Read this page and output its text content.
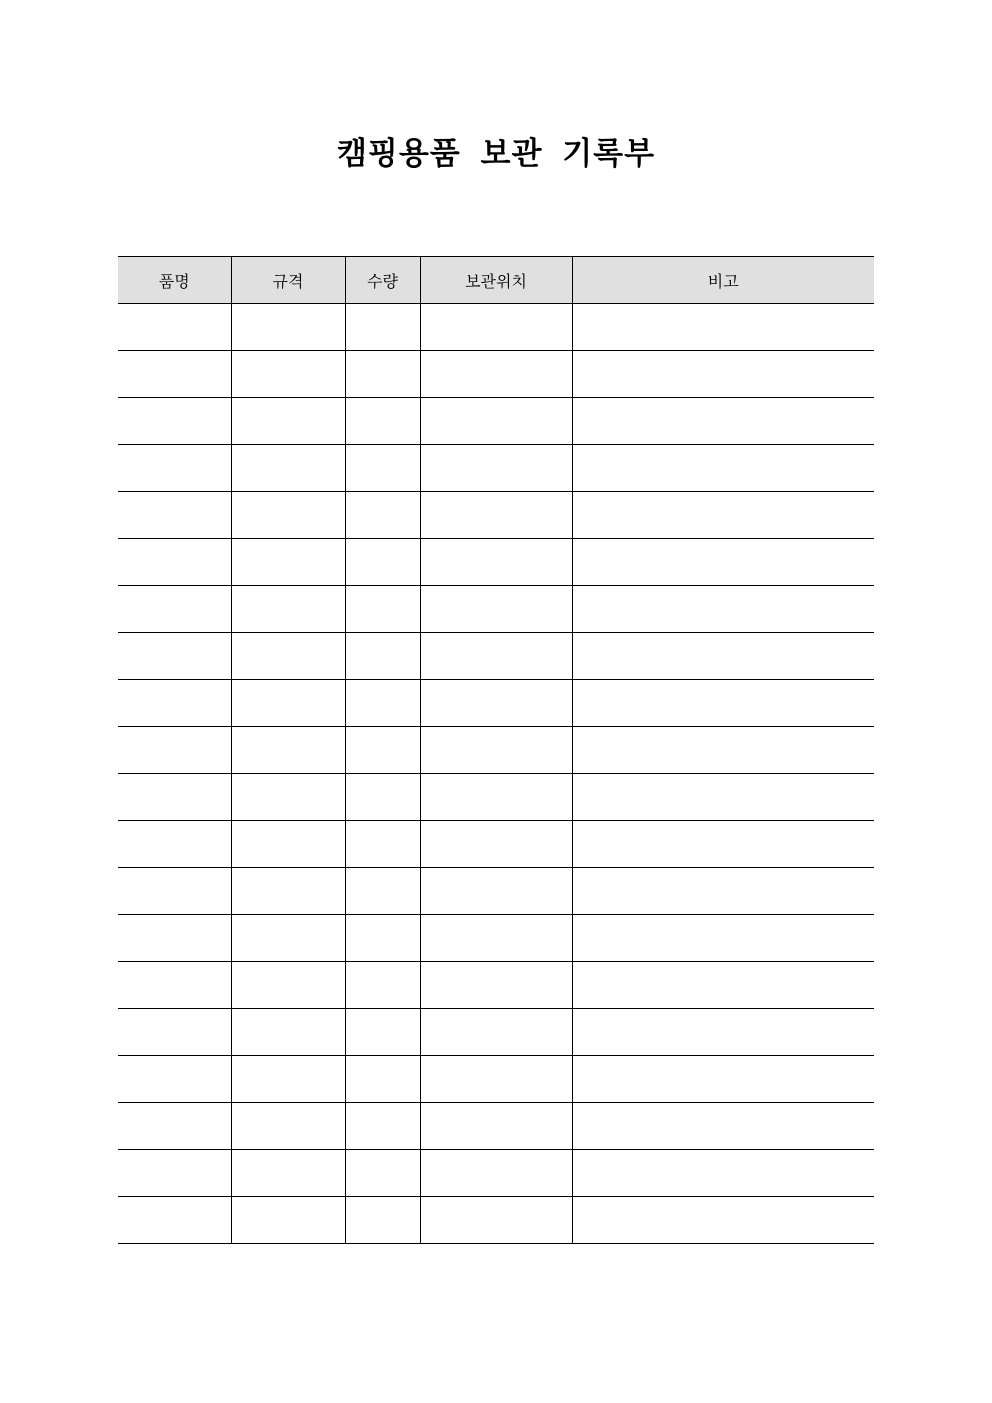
캠핑용품 보관 기록부
품명	규격	수량	보관위치	비고
